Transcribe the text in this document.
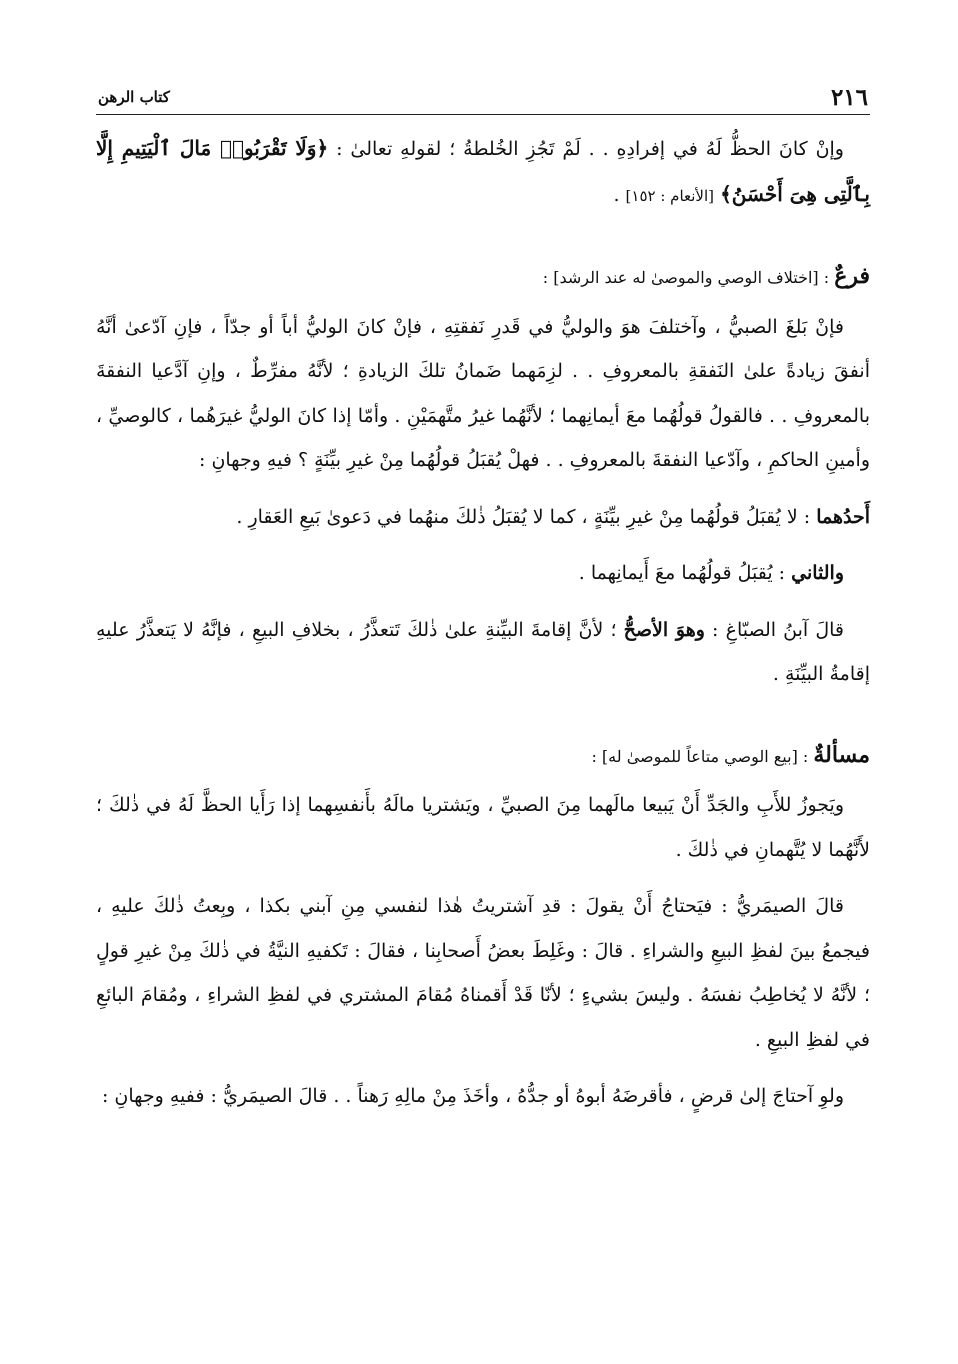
٢١٦
كتاب الرهن

وإنْ كانَ الحظُّ لَهُ في إفرادِهِ . . لَمْ تَجُزِ الخُلطةُ ؛ لقولهِ تعالىٰ : ﴿وَلَا تَقْرَبُوا۟ مَالَ ٱلْيَتِيمِ إِلَّا بِٱلَّتِى هِىَ أَحْسَنُ﴾ [الأنعام : ١٥٢] .

فرعٌ : [اختلاف الوصي والموصىٰ له عند الرشد] :

فإنْ بَلغَ الصبيُّ ، وآختلفَ هوَ والوليُّ في قَدرِ نَفقتِهِ ، فإنْ كانَ الوليُّ أباً أو جدّاً ، فإنِ آدّعىٰ أنَّهُ أنفقَ زيادةً علىٰ النَفقةِ بالمعروفِ . . لزِمَهما ضَمانُ تلكَ الزيادةِ ؛ لأنَّهُ مفرِّطٌ ، وإنِ آدَّعيا النفقةَ بالمعروفِ . . فالقولُ قولُهُما معَ أيمانِهما ؛ لأنَّهُما غيرُ متَّهمَيْنِ . وأمّا إذا كانَ الوليُّ غيرَهُما ، كالوصيِّ ، وأمينِ الحاكمِ ، وآدّعيا النفقةَ بالمعروفِ . . فهلْ يُقبَلُ قولُهُما مِنْ غيرِ بيِّنَةٍ ؟ فيهِ وجهانِ :

أَحدُهما : لا يُقبَلُ قولُهُما مِنْ غيرِ بيِّنَةٍ ، كما لا يُقبَلُ ذٰلكَ منهُما في دَعوىٰ بَيعِ العَقارِ .

والثاني : يُقبَلُ قولُهُما معَ أَيمانِهما .

قالَ آبنُ الصبّاغِ : وهوَ الأصحُّ ؛ لأنَّ إقامةَ البيِّنةِ علىٰ ذٰلكَ تَتعذَّرُ ، بخلافِ البيعِ ، فإنَّهُ لا يَتعذَّرُ عليهِ إقامةُ البيِّنَةِ .

مسألةٌ : [بيع الوصي متاعاً للموصىٰ له] :

ويَجوزُ للأَبِ والجَدِّ أَنْ يَبيعا مالَهما مِنَ الصبيِّ ، ويَشتريا مالَهُ بأَنفسِهما إذا رَأَيا الحظَّ لَهُ في ذٰلكَ ؛ لأَنَّهُما لا يُتَّهمانِ في ذٰلكَ .

قالَ الصيمَريُّ : فيَحتاجُ أَنْ يقولَ : قدِ آشتريتُ هٰذا لنفسي مِنِ آبني بكذا ، وبِعتُ ذٰلكَ عليهِ ، فيجمعُ بينَ لفظِ البيعِ والشراءِ . قالَ : وغَلِطَ بعضُ أَصحابِنا ، فقالَ : تَكفيهِ النيَّةُ في ذٰلكَ مِنْ غيرِ قولٍ ؛ لأنَّهُ لا يُخاطِبُ نفسَهُ . وليسَ بشيءٍ ؛ لأنّا قَدْ أَقمناهُ مُقامَ المشتري في لفظِ الشراءِ ، ومُقامَ البائعِ في لفظِ البيعِ .

ولوِ آحتاجَ إلىٰ قرضٍ ، فأقرضَهُ أبوهُ أو جدُّهُ ، وأخَذَ مِنْ مالِهِ رَهناً . . قالَ الصيمَريُّ : ففيهِ وجهانِ :
